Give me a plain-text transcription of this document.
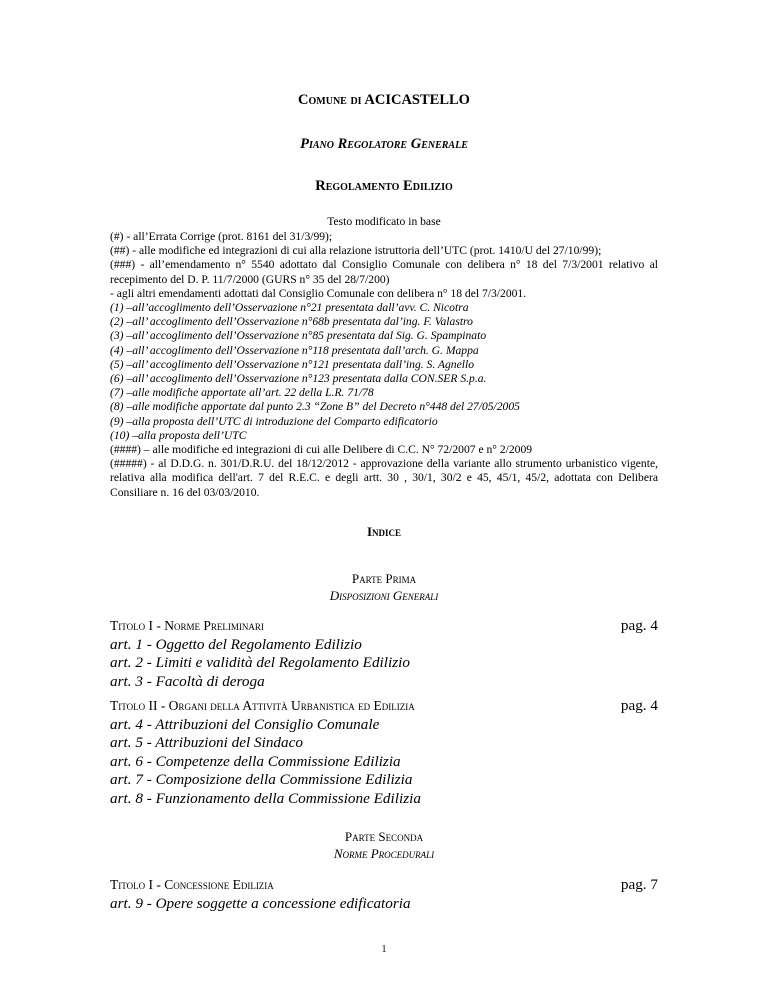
Comune di ACICASTELLO
Piano Regolatore Generale
Regolamento Edilizio
Testo modificato in base
(#) - all’Errata Corrige (prot. 8161 del 31/3/99);
(##) - alle modifiche ed integrazioni di cui alla relazione istruttoria dell’UTC (prot. 1410/U del 27/10/99);
(###) - all’emendamento n° 5540 adottato dal Consiglio Comunale con delibera n° 18 del 7/3/2001 relativo al recepimento del D. P. 11/7/2000 (GURS n° 35 del 28/7/200)
- agli altri emendamenti adottati dal Consiglio Comunale con delibera n° 18 del 7/3/2001.
(1) –all’accoglimento dell’Osservazione n°21 presentata dall’avv. C. Nicotra
(2) –all’ accoglimento dell’Osservazione n°68b presentata dal’ing. F. Valastro
(3) –all’ accoglimento dell’Osservazione n°85 presentata dal Sig. G. Spampinato
(4) –all’ accoglimento dell’Osservazione n°118 presentata dall’arch. G. Mappa
(5) –all’ accoglimento dell’Osservazione n°121 presentata dall’ing. S. Agnello
(6) –all’ accoglimento dell’Osservazione n°123 presentata dalla CON.SER S.p.a.
(7) –alle modifiche apportate all’art. 22 della L.R. 71/78
(8) –alle modifiche apportate dal punto 2.3 “Zone B” del Decreto n°448 del 27/05/2005
(9) –alla proposta dell’UTC di introduzione del Comparto edificatorio
(10) –alla proposta dell’UTC
(####) – alle modifiche ed integrazioni di cui alle Delibere di C.C. N° 72/2007 e n° 2/2009
(#####) - al D.D.G. n. 301/D.R.U. del 18/12/2012 - approvazione della variante allo strumento urbanistico vigente, relativa alla modifica dell'art. 7 del R.E.C. e degli artt. 30 , 30/1, 30/2 e 45, 45/1, 45/2, adottata con Delibera Consiliare n. 16 del 03/03/2010.
Indice
Parte Prima
Disposizioni Generali
Titolo I - Norme Preliminari	pag. 4
art. 1 - Oggetto del Regolamento Edilizio
art. 2 - Limiti e validità del Regolamento Edilizio
art. 3 - Facoltà di deroga
Titolo II - Organi della Attività Urbanistica ed Edilizia	pag. 4
art. 4 - Attribuzioni del Consiglio Comunale
art. 5 - Attribuzioni del Sindaco
art. 6 - Competenze della Commissione Edilizia
art. 7 - Composizione della Commissione Edilizia
art. 8 - Funzionamento della Commissione Edilizia
Parte Seconda
Norme Procedurali
Titolo I - Concessione Edilizia	pag. 7
art. 9 - Opere soggette a concessione edificatoria
1
